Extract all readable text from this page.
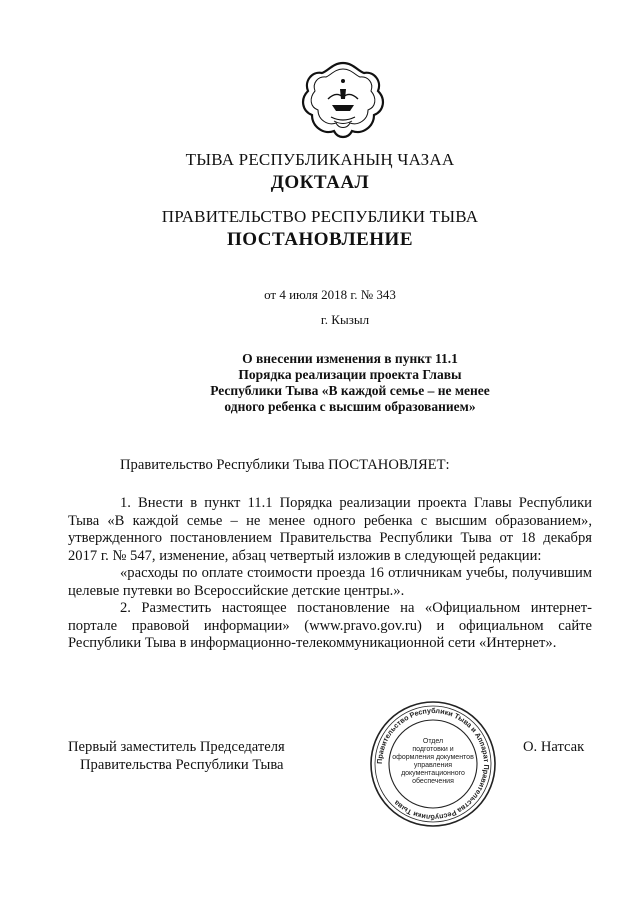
ТЫВА РЕСПУБЛИКАНЫҢ ЧАЗАА
ДОКТААЛ
ПРАВИТЕЛЬСТВО РЕСПУБЛИКИ ТЫВА
ПОСТАНОВЛЕНИЕ
от 4 июля 2018 г. № 343
г. Кызыл
О внесении изменения в пункт 11.1
Порядка реализации проекта Главы
Республики Тыва «В каждой семье – не менее
одного ребенка с высшим образованием»

Правительство Республики Тыва ПОСТАНОВЛЯЕТ:

1. Внести в пункт 11.1 Порядка реализации проекта Главы Республики Тыва «В каждой семье – не менее одного ребенка с высшим образованием», утвержденного постановлением Правительства Республики Тыва от 18 декабря 2017 г. № 547, изменение, абзац четвертый изложив в следующей редакции:

«расходы по оплате стоимости проезда 16 отличникам учебы, получившим целевые путевки во Всероссийские детские центры.».

2. Разместить настоящее постановление на «Официальном интернет-портале правовой информации» (www.pravo.gov.ru) и официальном сайте Республики Тыва в информационно-телекоммуникационной сети «Интернет».

Первый заместитель Председателя
Правительства Республики Тыва
О. Натсак
Правительство Республики Тыва и Аппарат Правительства Республики Тыва
Отдел
подготовки и
оформления документов
управления
документационного
обеспечения
